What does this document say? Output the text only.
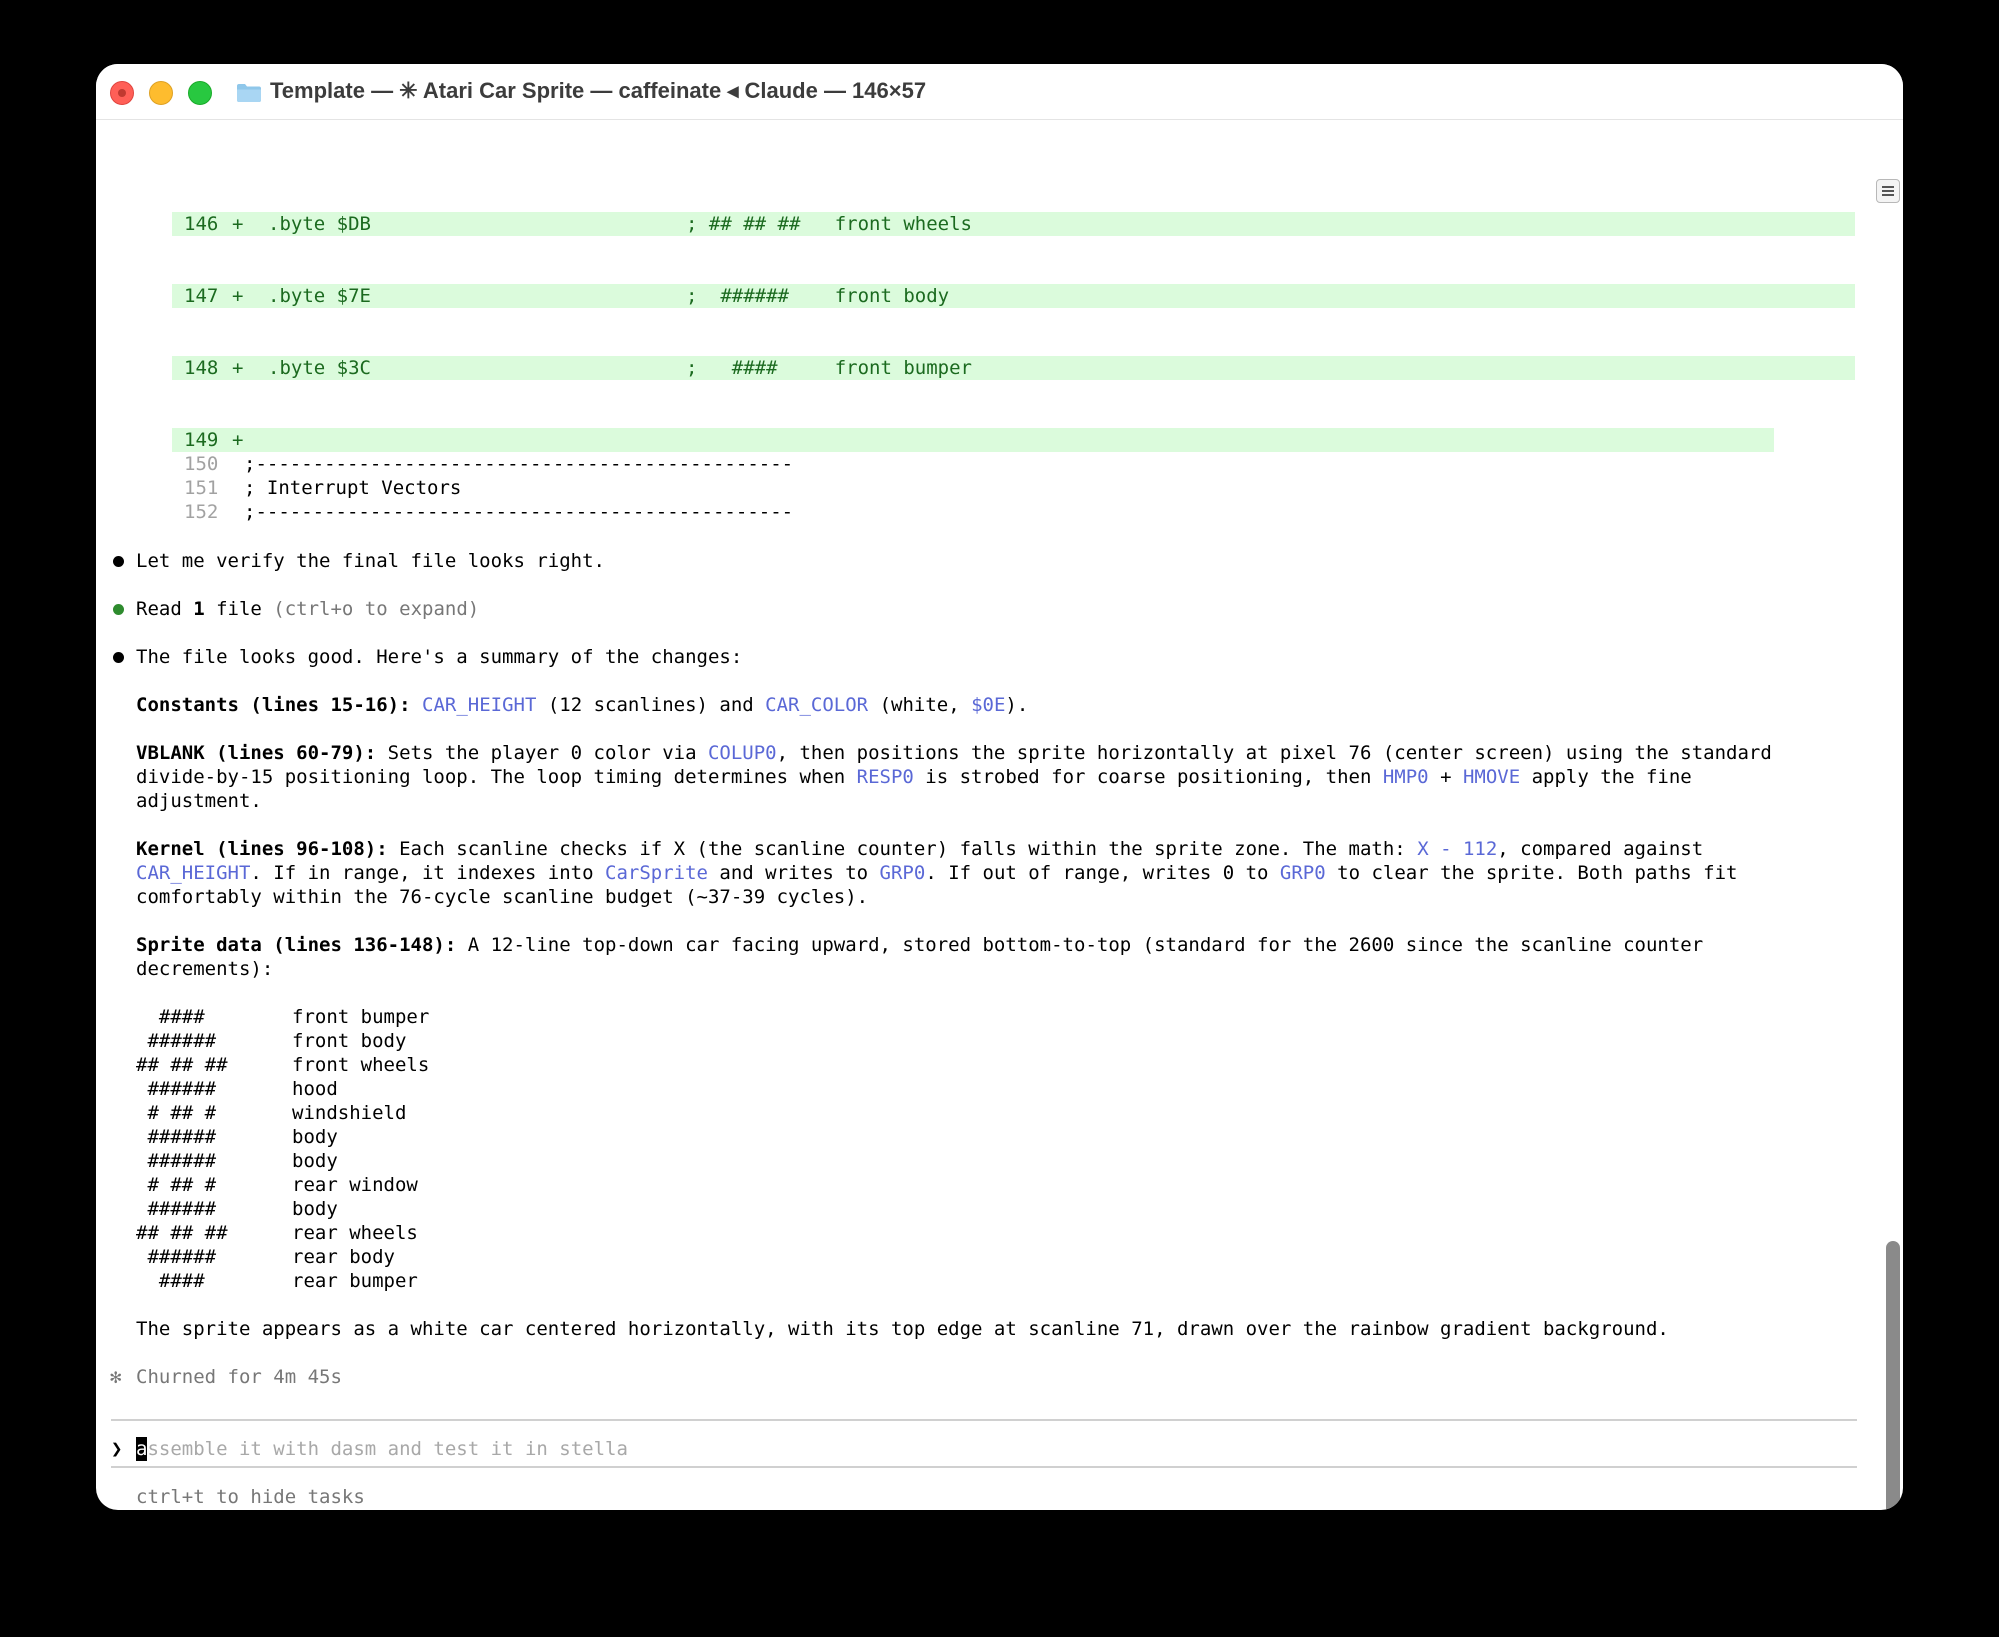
Template — ✳ Atari Car Sprite — caffeinate ◂ Claude — 146×57
146 + .byte $DB	; ## ## ##   front wheels
147 + .byte $7E	;  ######    front body
148 + .byte $3C	;   ####     front bumper
149 +
150 ;-----------------------------------------------
151 ; Interrupt Vectors
152 ;-----------------------------------------------
Let me verify the final file looks right.
Read 1 file (ctrl+o to expand)
The file looks good. Here's a summary of the changes:
Constants (lines 15-16): CAR_HEIGHT (12 scanlines) and CAR_COLOR (white, $0E).
VBLANK (lines 60-79): Sets the player 0 color via COLUP0, then positions the sprite horizontally at pixel 76 (center screen) using the standard
divide-by-15 positioning loop. The loop timing determines when RESP0 is strobed for coarse positioning, then HMP0 + HMOVE apply the fine
adjustment.
Kernel (lines 96-108): Each scanline checks if X (the scanline counter) falls within the sprite zone. The math: X - 112, compared against
CAR_HEIGHT. If in range, it indexes into CarSprite and writes to GRP0. If out of range, writes 0 to GRP0 to clear the sprite. Both paths fit
comfortably within the 76-cycle scanline budget (~37-39 cycles).
Sprite data (lines 136-148): A 12-line top-down car facing upward, stored bottom-to-top (standard for the 2600 since the scanline counter
decrements):
####	front bumper
######	front body
## ## ##	front wheels
######	hood
# ## #	windshield
######	body
######	body
# ## #	rear window
######	body
## ## ##	rear wheels
######	rear body
####	rear bumper
The sprite appears as a white car centered horizontally, with its top edge at scanline 71, drawn over the rainbow gradient background.
✻ Churned for 4m 45s
❯ assemble it with dasm and test it in stella
ctrl+t to hide tasks
